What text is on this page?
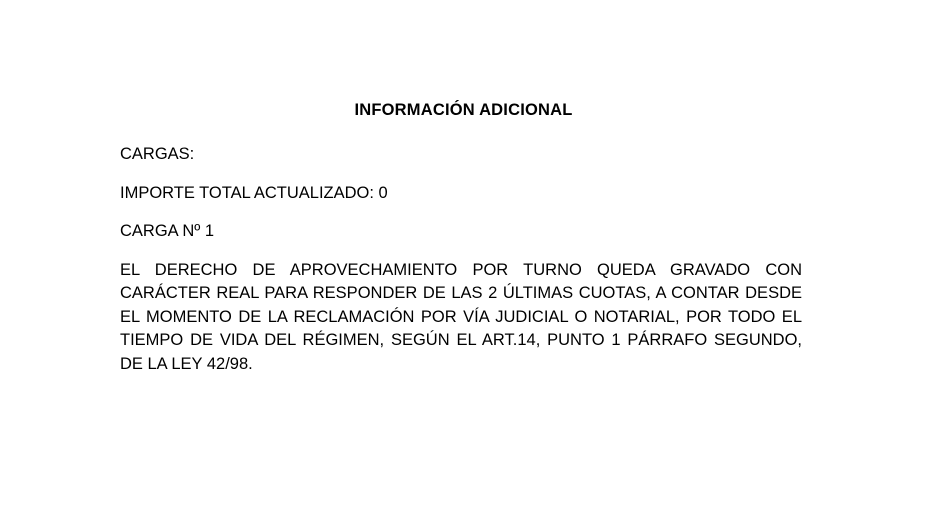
INFORMACIÓN ADICIONAL

CARGAS:

IMPORTE TOTAL ACTUALIZADO: 0

CARGA Nº 1

EL DERECHO DE APROVECHAMIENTO POR TURNO QUEDA GRAVADO CON CARÁCTER REAL PARA RESPONDER DE LAS 2 ÚLTIMAS CUOTAS, A CONTAR DESDE EL MOMENTO DE LA RECLAMACIÓN POR VÍA JUDICIAL O NOTARIAL, POR TODO EL TIEMPO DE VIDA DEL RÉGIMEN, SEGÚN EL ART.14, PUNTO 1 PÁRRAFO SEGUNDO, DE LA LEY 42/98.
